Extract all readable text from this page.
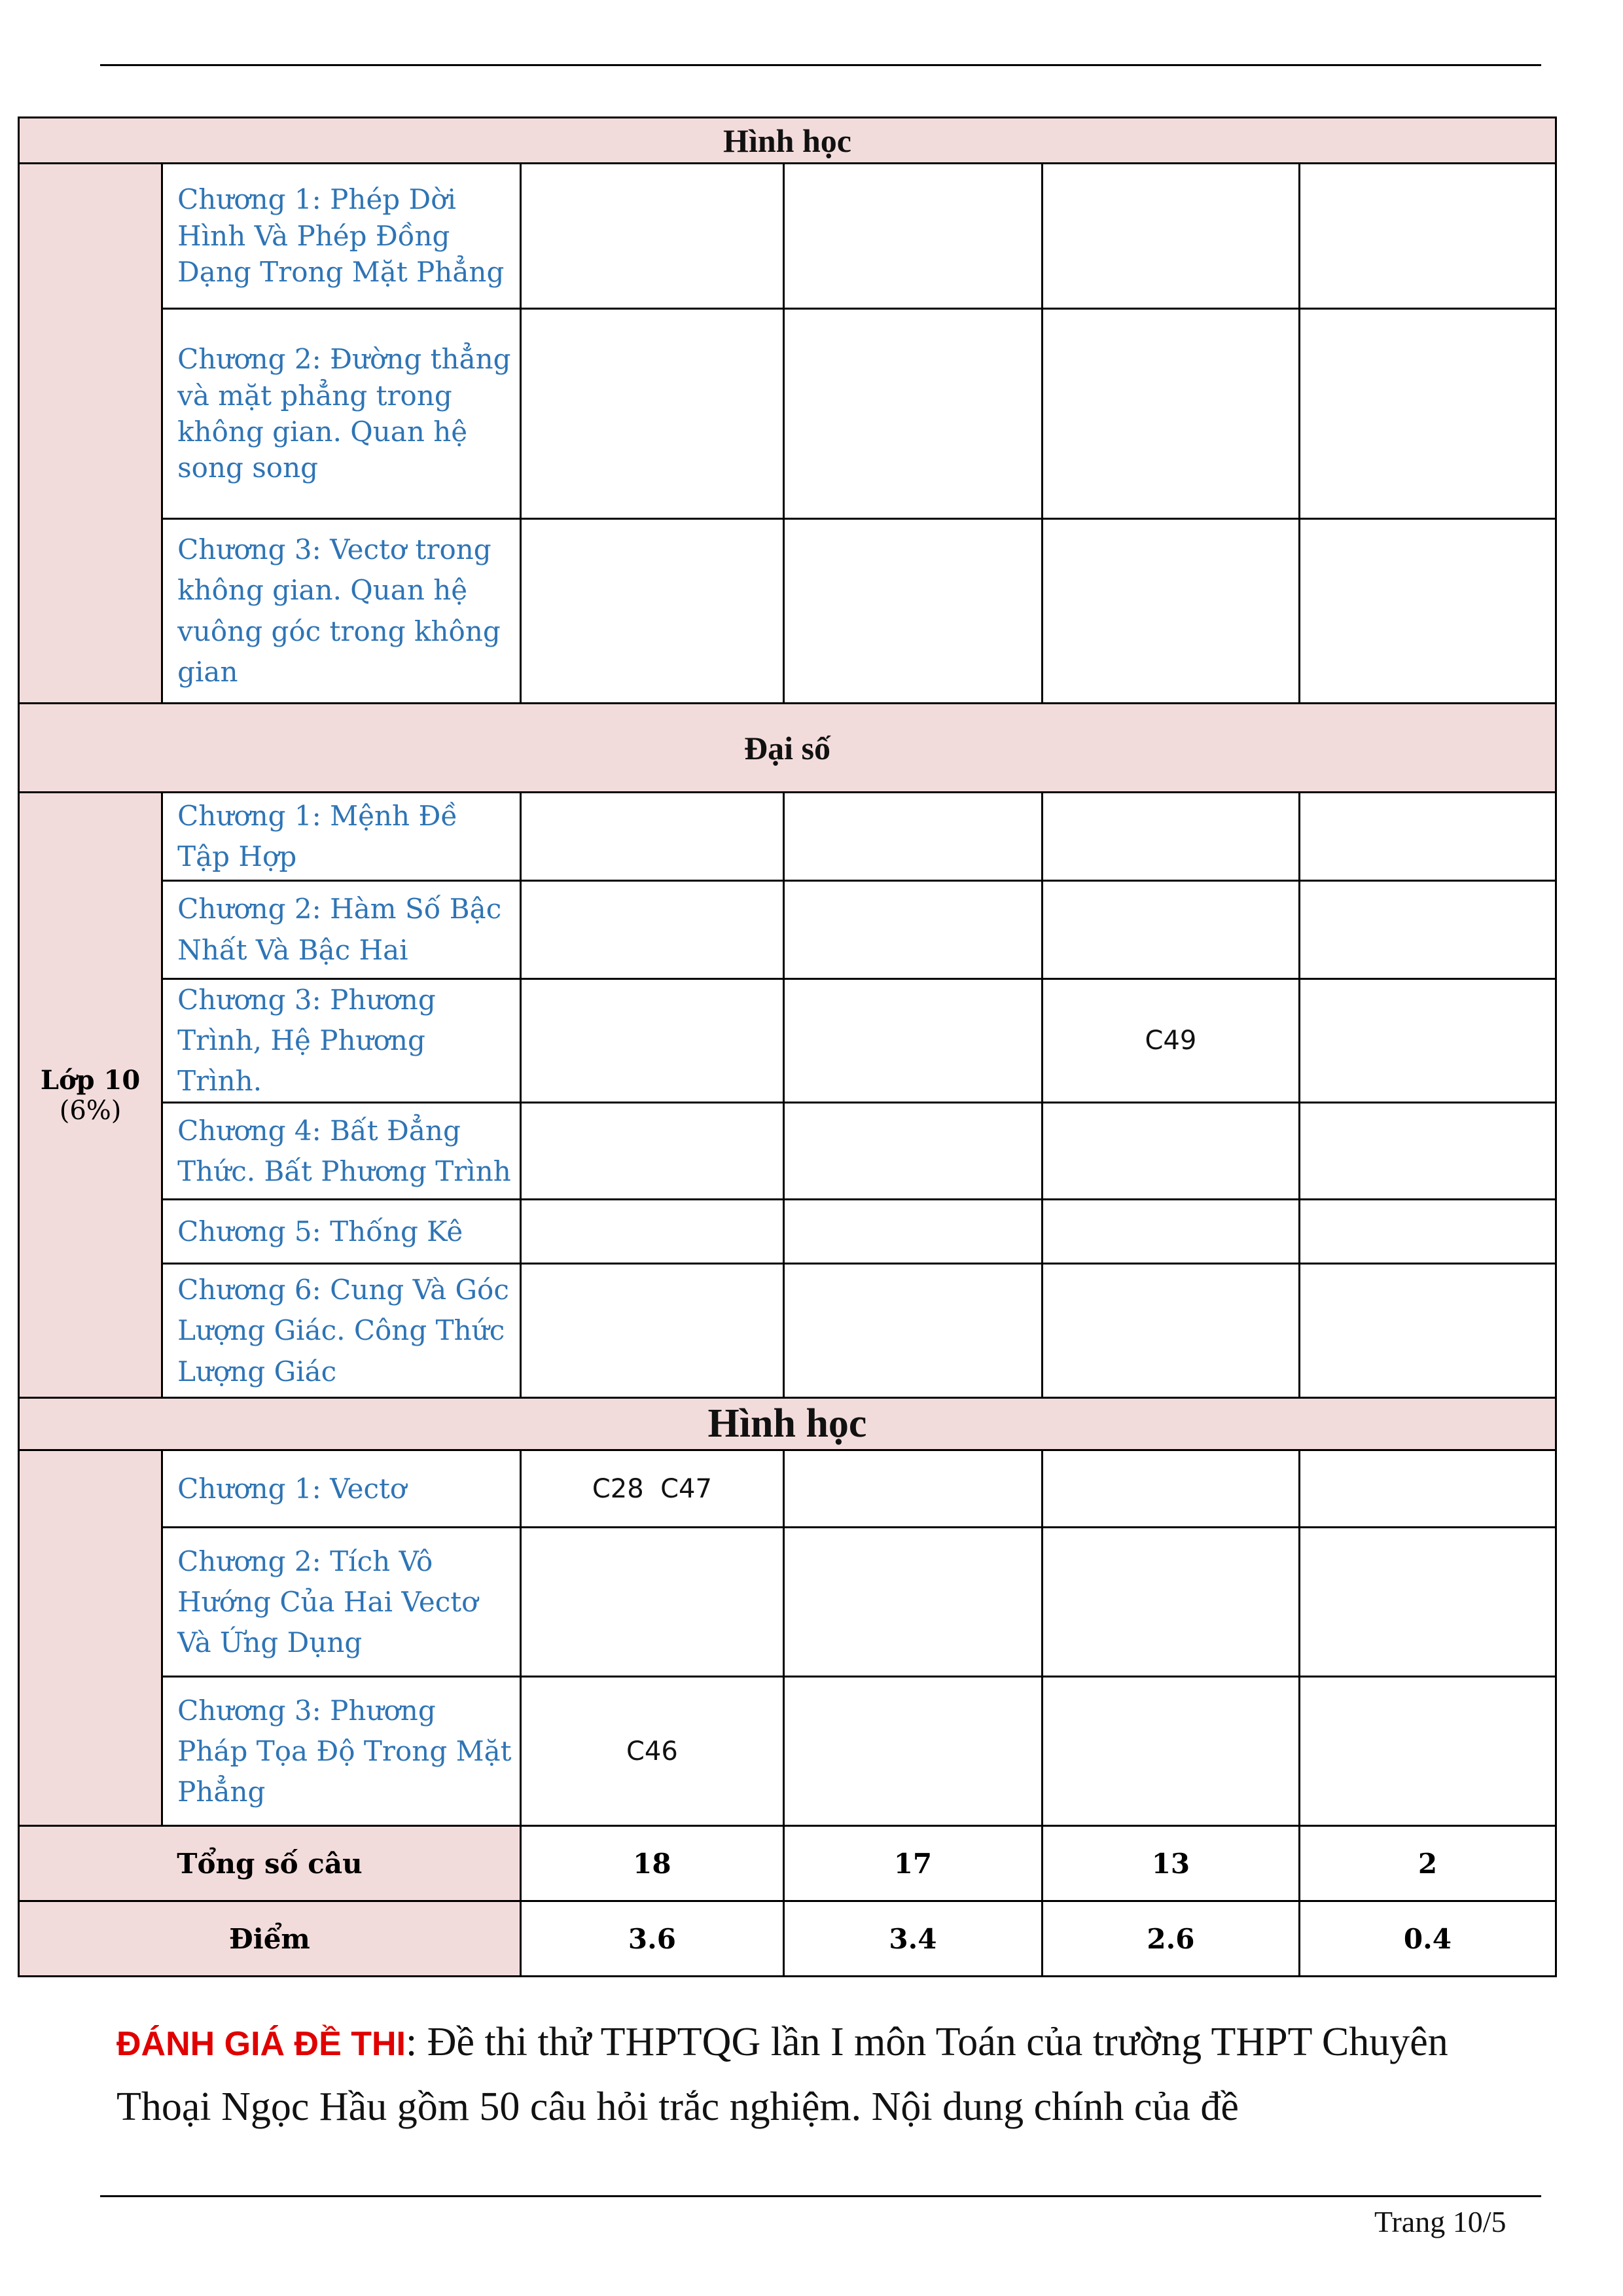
Hình học					
	Chương 1: Phép Dời Hình Và Phép Đồng Dạng Trong Mặt Phẳng				
	Chương 2: Đường thẳng và mặt phẳng trong không gian. Quan hệ song song				
	Chương 3: Vectơ trong không gian. Quan hệ vuông góc trong không gian				
Đại số					
Lớp 10
(6%)	Chương 1: Mệnh Đề Tập Hợp				
	Chương 2: Hàm Số Bậc Nhất Và Bậc Hai				
	Chương 3: Phương Trình, Hệ Phương Trình.			C49	
	Chương 4: Bất Đẳng Thức. Bất Phương Trình				
	Chương 5: Thống Kê				
	Chương 6: Cung Và Góc Lượng Giác. Công Thức Lượng Giác				
Hình học					
	Chương 1: Vectơ	C28  C47			
	Chương 2: Tích Vô Hướng Của Hai Vectơ Và Ứng Dụng				
	Chương 3: Phương Pháp Tọa Độ Trong Mặt Phẳng	C46			
Tổng số câu		18	17	13	2
Điểm		3.6	3.4	2.6	0.4
ĐÁNH GIÁ ĐỀ THI: Đề thi thử THPTQG lần I môn Toán của trường THPT Chuyên Thoại Ngọc Hầu gồm 50 câu hỏi trắc nghiệm. Nội dung chính của đề
Trang 10/5
